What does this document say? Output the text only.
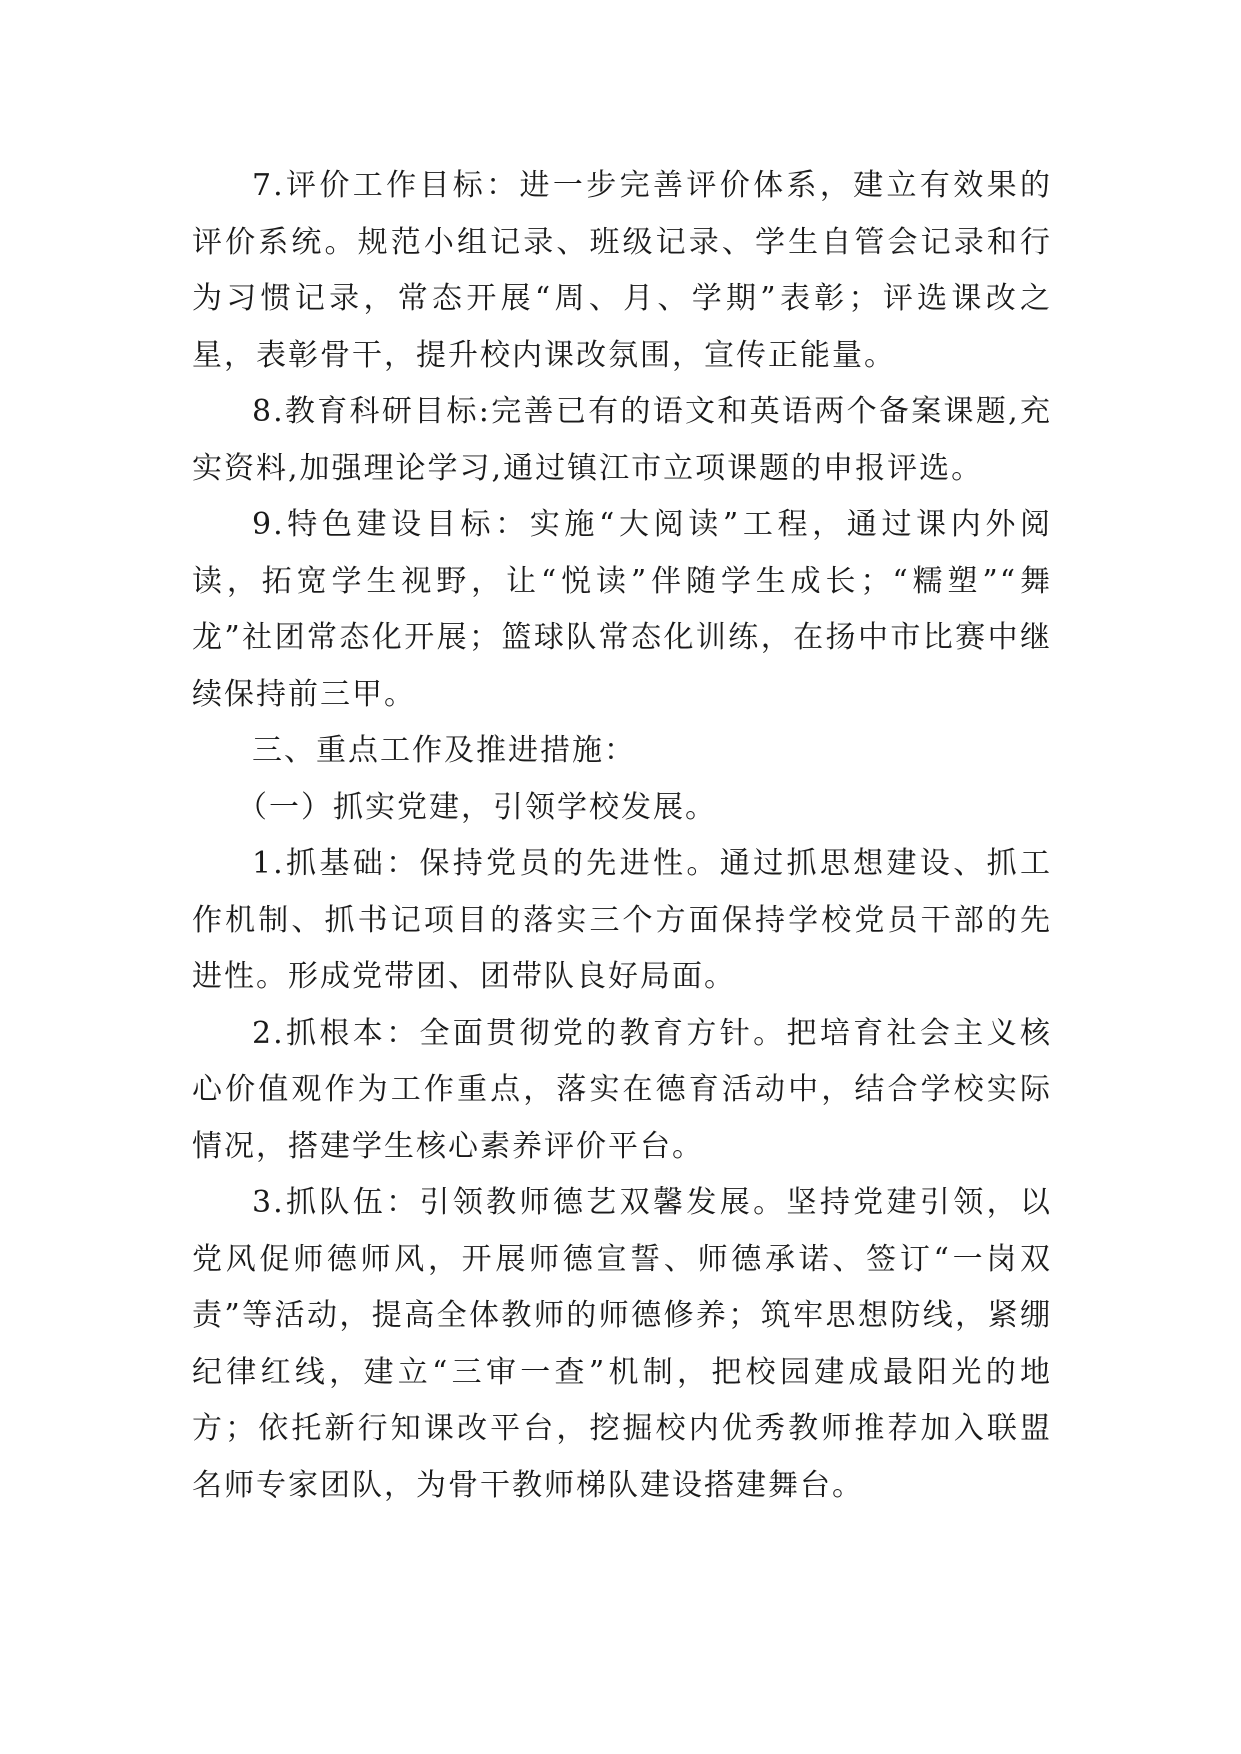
7.评价工作目标：进一步完善评价体系，建立有效果的评价系统。规范小组记录、班级记录、学生自管会记录和行为习惯记录，常态开展“周、月、学期”表彰；评选课改之星，表彰骨干，提升校内课改氛围，宣传正能量。

8.教育科研目标:完善已有的语文和英语两个备案课题,充实资料,加强理论学习,通过镇江市立项课题的申报评选。

9.特色建设目标：实施“大阅读”工程，通过课内外阅读，拓宽学生视野，让“悦读”伴随学生成长；“糯塑”“舞龙”社团常态化开展；篮球队常态化训练，在扬中市比赛中继续保持前三甲。

三、重点工作及推进措施：

（一）抓实党建，引领学校发展。

1.抓基础：保持党员的先进性。通过抓思想建设、抓工作机制、抓书记项目的落实三个方面保持学校党员干部的先进性。形成党带团、团带队良好局面。

2.抓根本：全面贯彻党的教育方针。把培育社会主义核心价值观作为工作重点，落实在德育活动中，结合学校实际情况，搭建学生核心素养评价平台。

3.抓队伍：引领教师德艺双馨发展。坚持党建引领，以党风促师德师风，开展师德宣誓、师德承诺、签订“一岗双责”等活动，提高全体教师的师德修养；筑牢思想防线，紧绷纪律红线，建立“三审一查”机制，把校园建成最阳光的地方；依托新行知课改平台，挖掘校内优秀教师推荐加入联盟名师专家团队，为骨干教师梯队建设搭建舞台。
